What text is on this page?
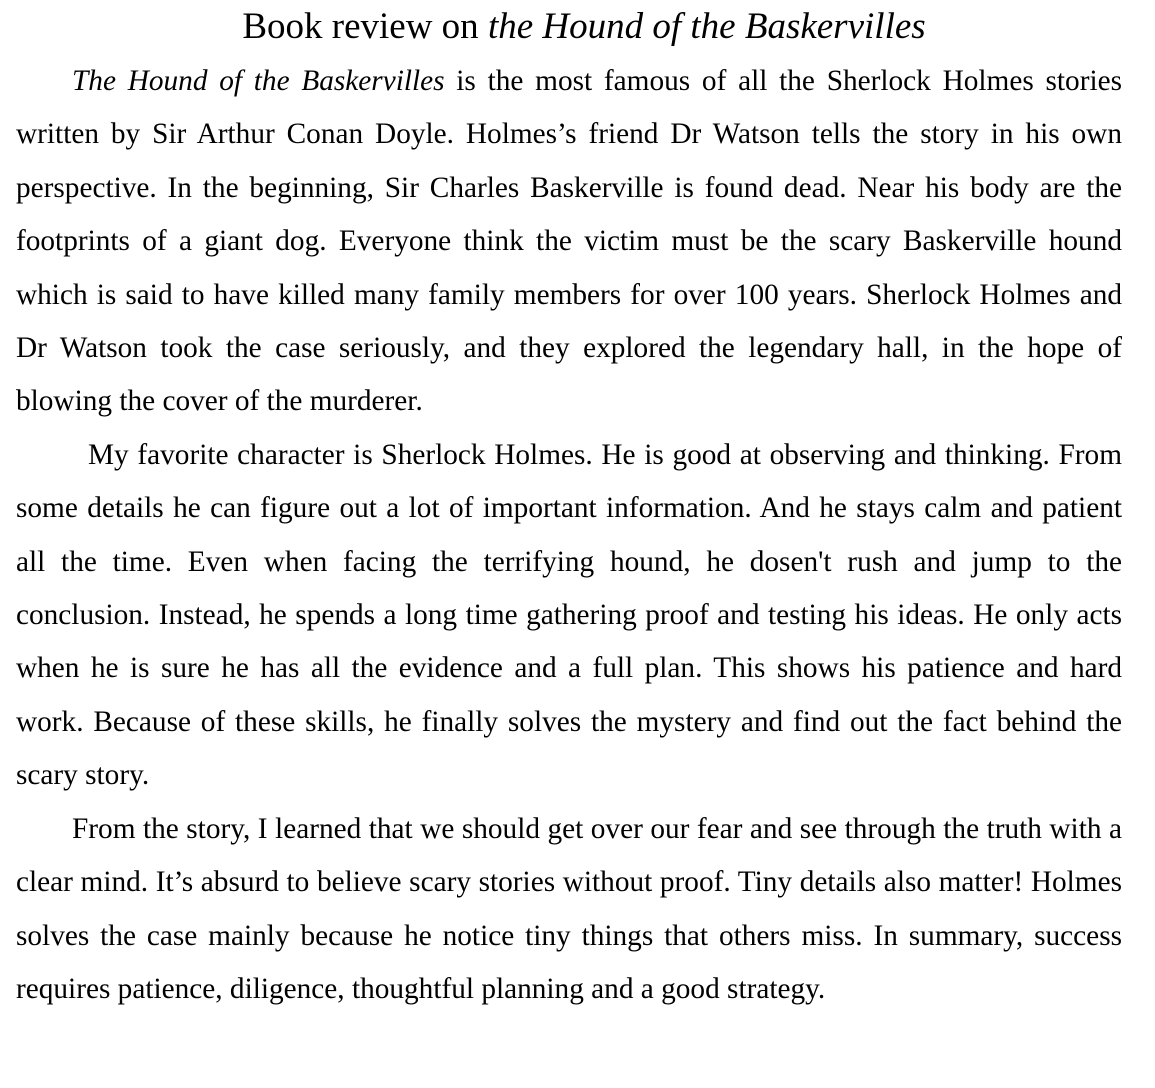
Book review on the Hound of the Baskervilles

The Hound of the Baskervilles is the most famous of all the Sherlock Holmes stories written by Sir Arthur Conan Doyle. Holmes’s friend Dr Watson tells the story in his own perspective. In the beginning, Sir Charles Baskerville is found dead. Near his body are the footprints of a giant dog. Everyone think the victim must be the scary Baskerville hound which is said to have killed many family members for over 100 years. Sherlock Holmes and Dr Watson took the case seriously, and they explored the legendary hall, in the hope of blowing the cover of the murderer.

My favorite character is Sherlock Holmes. He is good at observing and thinking. From some details he can figure out a lot of important information. And he stays calm and patient all the time. Even when facing the terrifying hound, he dosen't rush and jump to the conclusion. Instead, he spends a long time gathering proof and testing his ideas. He only acts when he is sure he has all the evidence and a full plan. This shows his patience and hard work. Because of these skills, he finally solves the mystery and find out the fact behind the scary story.

From the story, I learned that we should get over our fear and see through the truth with a clear mind. It’s absurd to believe scary stories without proof. Tiny details also matter! Holmes solves the case mainly because he notice tiny things that others miss. In summary, success requires patience, diligence, thoughtful planning and a good strategy.
